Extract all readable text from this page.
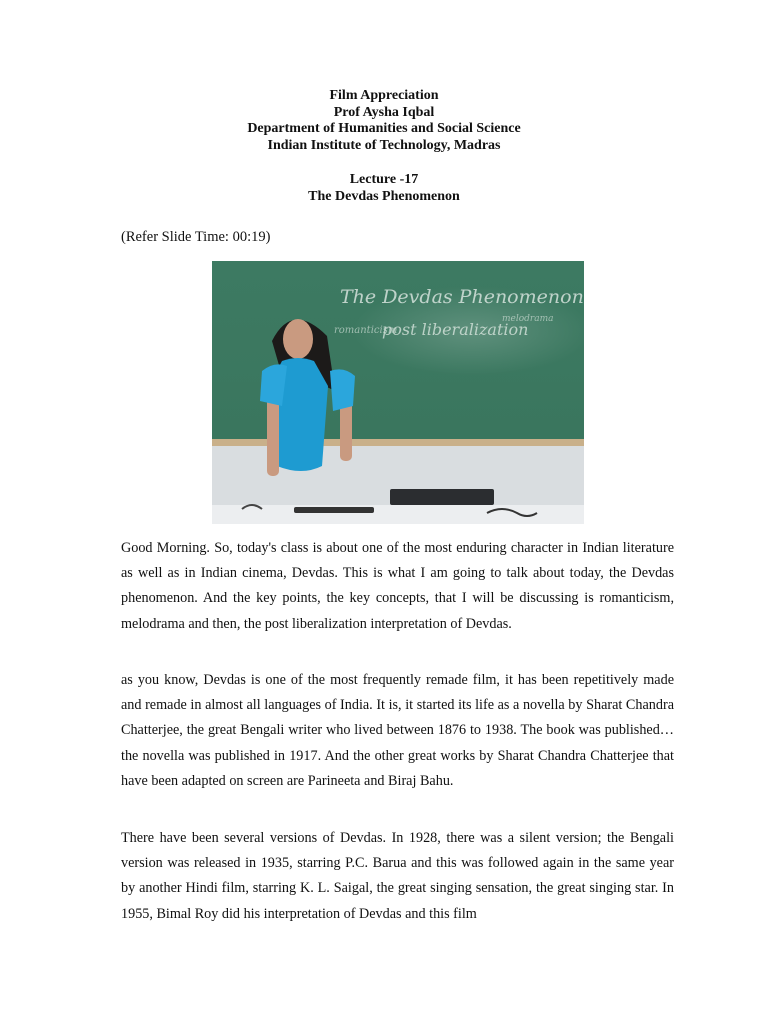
Film Appreciation
Prof Aysha Iqbal
Department of Humanities and Social Science
Indian Institute of Technology, Madras
Lecture -17
The Devdas Phenomenon
(Refer Slide Time: 00:19)
The Devdas Phenomenon
romanticism
post liberalization
melodrama

Good Morning. So, today's class is about one of the most enduring character in Indian literature as well as in Indian cinema, Devdas. This is what I am going to talk about today, the Devdas phenomenon. And the key points, the key concepts, that I will be discussing is romanticism, melodrama and then, the post liberalization interpretation of Devdas.

as you know, Devdas is one of the most frequently remade film, it has been repetitively made and remade in almost all languages of India. It is, it started its life as a novella by Sharat Chandra Chatterjee, the great Bengali writer who lived between 1876 to 1938. The book was published… the novella was published in 1917. And the other great works by Sharat Chandra Chatterjee that have been adapted on screen are Parineeta and Biraj Bahu.

There have been several versions of Devdas. In 1928, there was a silent version; the Bengali version was released in 1935, starring P.C. Barua and this was followed again in the same year by another Hindi film, starring K. L. Saigal, the great singing sensation, the great singing star. In 1955, Bimal Roy did his interpretation of Devdas and this film
